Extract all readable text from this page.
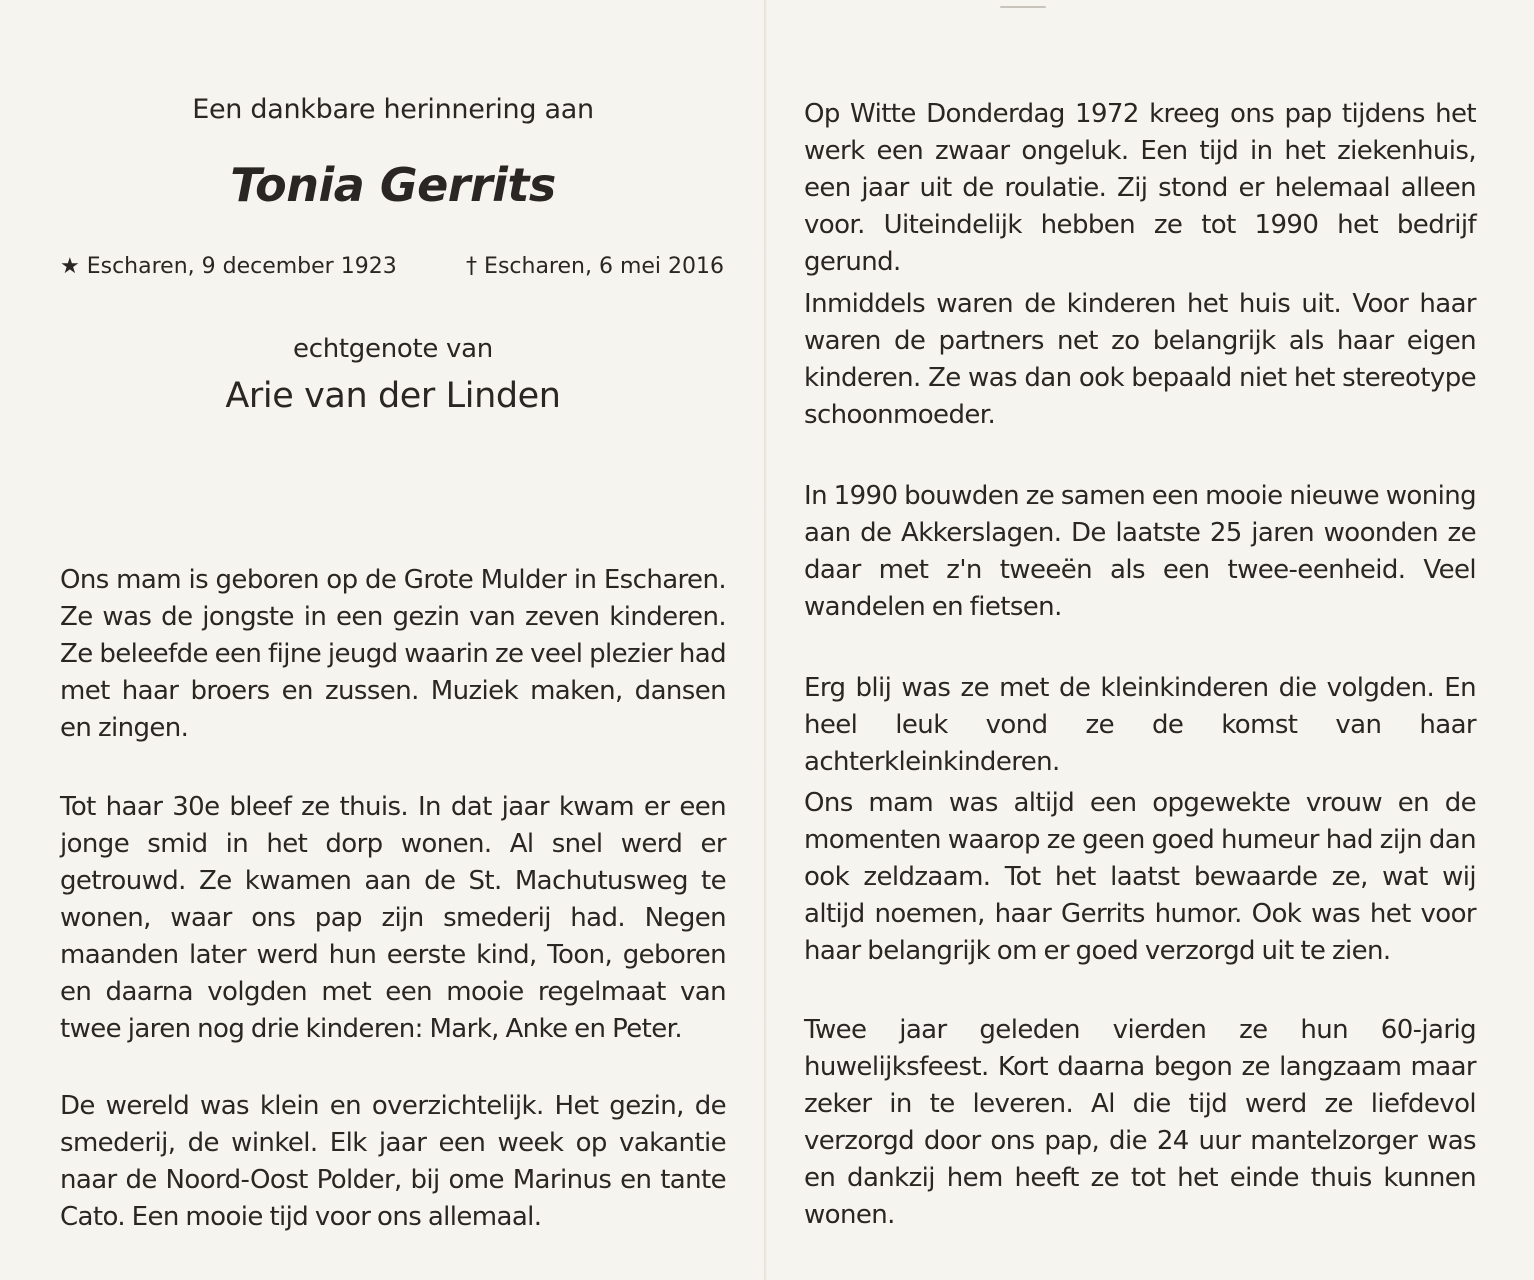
Een dankbare herinnering aan
Tonia Gerrits
★ Escharen, 9 december 1923	† Escharen, 6 mei 2016
echtgenote van
Arie van der Linden

Ons mam is geboren op de Grote Mulder in Escharen. Ze was de jongste in een gezin van zeven kinderen. Ze beleefde een fijne jeugd waarin ze veel plezier had met haar broers en zussen. Muziek maken, dansen en zingen.

Tot haar 30e bleef ze thuis. In dat jaar kwam er een jonge smid in het dorp wonen. Al snel werd er getrouwd. Ze kwamen aan de St. Machutusweg te wonen, waar ons pap zijn smederij had. Negen maanden later werd hun eerste kind, Toon, geboren en daarna volgden met een mooie regelmaat van twee jaren nog drie kinderen: Mark, Anke en Peter.

De wereld was klein en overzichtelijk. Het gezin, de smederij, de winkel. Elk jaar een week op vakantie naar de Noord-Oost Polder, bij ome Marinus en tante Cato. Een mooie tijd voor ons allemaal.

Op Witte Donderdag 1972 kreeg ons pap tijdens het werk een zwaar ongeluk. Een tijd in het ziekenhuis, een jaar uit de roulatie. Zij stond er helemaal alleen voor. Uiteindelijk hebben ze tot 1990 het bedrijf gerund.

Inmiddels waren de kinderen het huis uit. Voor haar waren de partners net zo belangrijk als haar eigen kinderen. Ze was dan ook bepaald niet het stereotype schoonmoeder.

In 1990 bouwden ze samen een mooie nieuwe woning aan de Akkerslagen. De laatste 25 jaren woonden ze daar met z'n tweeën als een twee-eenheid. Veel wandelen en fietsen.

Erg blij was ze met de kleinkinderen die volgden. En heel leuk vond ze de komst van haar achterkleinkinderen.

Ons mam was altijd een opgewekte vrouw en de momenten waarop ze geen goed humeur had zijn dan ook zeldzaam. Tot het laatst bewaarde ze, wat wij altijd noemen, haar Gerrits humor. Ook was het voor haar belangrijk om er goed verzorgd uit te zien.

Twee jaar geleden vierden ze hun 60-jarig huwelijksfeest. Kort daarna begon ze langzaam maar zeker in te leveren. Al die tijd werd ze liefdevol verzorgd door ons pap, die 24 uur mantelzorger was en dankzij hem heeft ze tot het einde thuis kunnen wonen.
